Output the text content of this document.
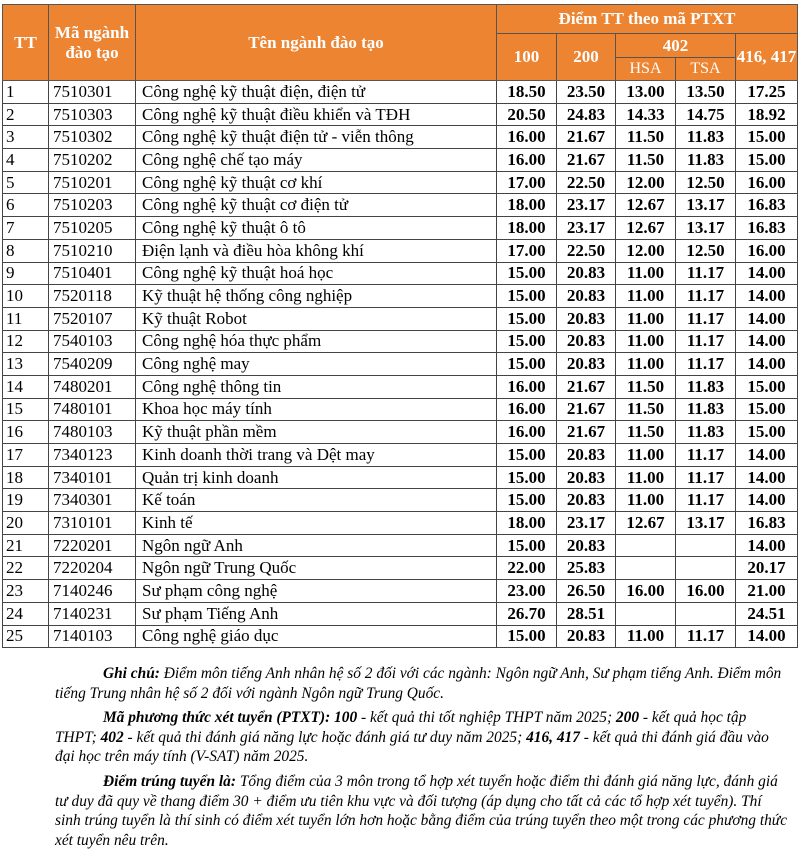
TT	Mã ngành đào tạo	Tên ngành đào tạo	Điểm TT theo mã PTXT				
			100	200	402		416, 417
					HSA	TSA	
1	7510301	Công nghệ kỹ thuật điện, điện tử	18.50	23.50	13.00	13.50	17.25
2	7510303	Công nghệ kỹ thuật điều khiển và TĐH	20.50	24.83	14.33	14.75	18.92
3	7510302	Công nghệ kỹ thuật điện tử - viễn thông	16.00	21.67	11.50	11.83	15.00
4	7510202	Công nghệ chế tạo máy	16.00	21.67	11.50	11.83	15.00
5	7510201	Công nghệ kỹ thuật cơ khí	17.00	22.50	12.00	12.50	16.00
6	7510203	Công nghệ kỹ thuật cơ điện tử	18.00	23.17	12.67	13.17	16.83
7	7510205	Công nghệ kỹ thuật ô tô	18.00	23.17	12.67	13.17	16.83
8	7510210	Điện lạnh và điều hòa không khí	17.00	22.50	12.00	12.50	16.00
9	7510401	Công nghệ kỹ thuật hoá học	15.00	20.83	11.00	11.17	14.00
10	7520118	Kỹ thuật hệ thống công nghiệp	15.00	20.83	11.00	11.17	14.00
11	7520107	Kỹ thuật Robot	15.00	20.83	11.00	11.17	14.00
12	7540103	Công nghệ hóa thực phẩm	15.00	20.83	11.00	11.17	14.00
13	7540209	Công nghệ may	15.00	20.83	11.00	11.17	14.00
14	7480201	Công nghệ thông tin	16.00	21.67	11.50	11.83	15.00
15	7480101	Khoa học máy tính	16.00	21.67	11.50	11.83	15.00
16	7480103	Kỹ thuật phần mềm	16.00	21.67	11.50	11.83	15.00
17	7340123	Kinh doanh thời trang và Dệt may	15.00	20.83	11.00	11.17	14.00
18	7340101	Quản trị kinh doanh	15.00	20.83	11.00	11.17	14.00
19	7340301	Kế toán	15.00	20.83	11.00	11.17	14.00
20	7310101	Kinh tế	18.00	23.17	12.67	13.17	16.83
21	7220201	Ngôn ngữ Anh	15.00	20.83			14.00
22	7220204	Ngôn ngữ Trung Quốc	22.00	25.83			20.17
23	7140246	Sư phạm công nghệ	23.00	26.50	16.00	16.00	21.00
24	7140231	Sư phạm Tiếng Anh	26.70	28.51			24.51
25	7140103	Công nghệ giáo dục	15.00	20.83	11.00	11.17	14.00

Ghi chú: Điểm môn tiếng Anh nhân hệ số 2 đối với các ngành: Ngôn ngữ Anh, Sư phạm tiếng Anh. Điểm môn tiếng Trung nhân hệ số 2 đối với ngành Ngôn ngữ Trung Quốc.

Mã phương thức xét tuyển (PTXT): 100 - kết quả thi tốt nghiệp THPT năm 2025; 200 - kết quả học tập THPT; 402 - kết quả thi đánh giá năng lực hoặc đánh giá tư duy năm 2025; 416, 417 - kết quả thi đánh giá đầu vào đại học trên máy tính (V-SAT) năm 2025.

Điểm trúng tuyển là: Tổng điểm của 3 môn trong tổ hợp xét tuyển hoặc điểm thi đánh giá năng lực, đánh giá tư duy đã quy về thang điểm 30 + điểm ưu tiên khu vực và đối tượng (áp dụng cho tất cả các tổ hợp xét tuyển). Thí sinh trúng tuyển là thí sinh có điểm xét tuyển lớn hơn hoặc bằng điểm của trúng tuyển theo một trong các phương thức xét tuyển nêu trên.
